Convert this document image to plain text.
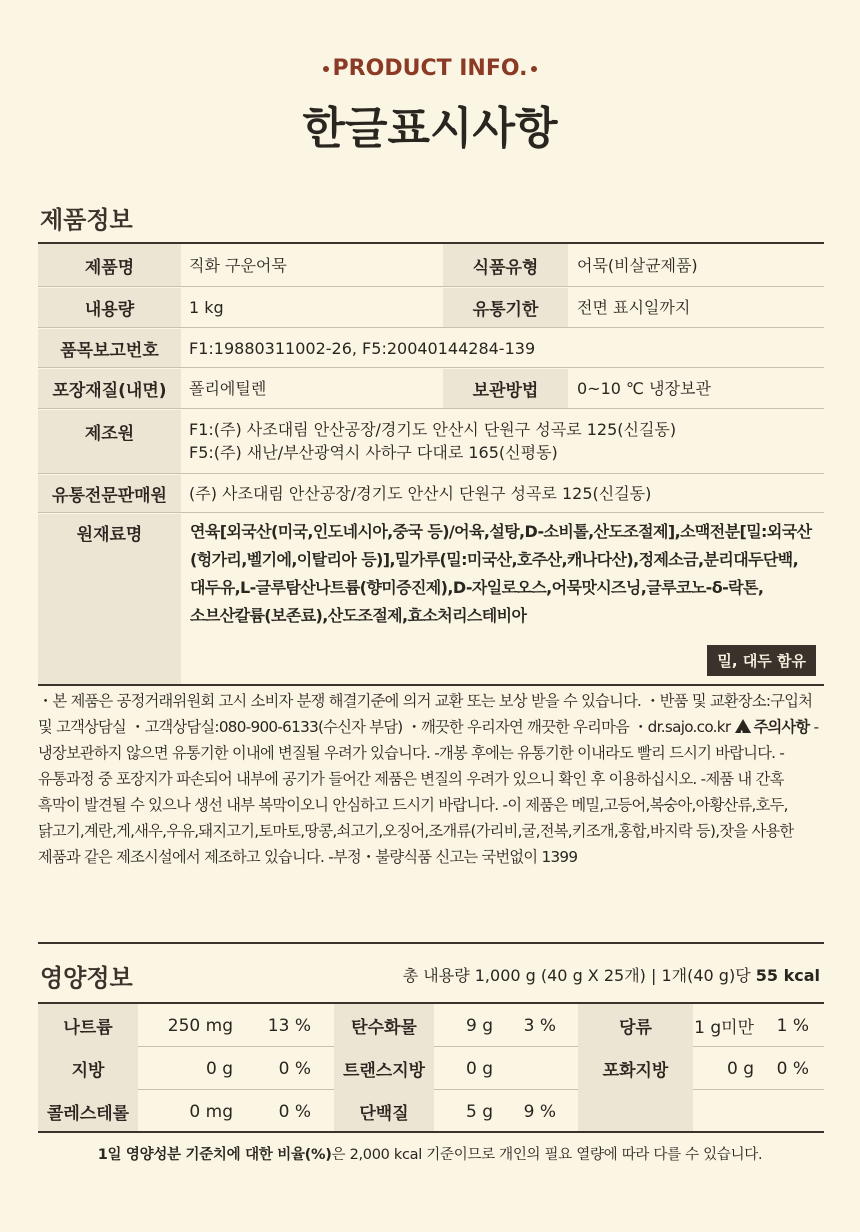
PRODUCT INFO.
한글표시사항
제품정보
제품명	직화 구운어묵	식품유형	어묵(비살균제품)
내용량	1 kg	유통기한	전면 표시일까지
품목보고번호	F1:19880311002-26, F5:20040144284-139
포장재질(내면)	폴리에틸렌	보관방법	0~10 ℃ 냉장보관
제조원	F1:(주) 사조대림 안산공장/경기도 안산시 단원구 성곡로 125(신길동)
F5:(주) 새난/부산광역시 사하구 다대로 165(신평동)
유통전문판매원	(주) 사조대림 안산공장/경기도 안산시 단원구 성곡로 125(신길동)
원재료명	연육[외국산(미국,인도네시아,중국 등)/어육,설탕,D-소비톨,산도조절제],소맥전분[밀:외국산(헝가리,벨기에,이탈리아 등)],밀가루(밀:미국산,호주산,캐나다산),정제소금,분리대두단백,대두유,L-글루탐산나트륨(향미증진제),D-자일로오스,어묵맛시즈닝,글루코노-δ-락톤,소브산칼륨(보존료),산도조절제,효소처리스테비아
밀, 대두 함유
・본 제품은 공정거래위원회 고시 소비자 분쟁 해결기준에 의거 교환 또는 보상 받을 수 있습니다. ・반품 및 교환장소:구입처 및 고객상담실 ・고객상담실:080-900-6133(수신자 부담) ・깨끗한 우리자연 깨끗한 우리마음 ・dr.sajo.co.kr ! 주의사항 -냉장보관하지 않으면 유통기한 이내에 변질될 우려가 있습니다. -개봉 후에는 유통기한 이내라도 빨리 드시기 바랍니다. -유통과정 중 포장지가 파손되어 내부에 공기가 들어간 제품은 변질의 우려가 있으니 확인 후 이용하십시오. -제품 내 간혹 흑막이 발견될 수 있으나 생선 내부 복막이오니 안심하고 드시기 바랍니다. -이 제품은 메밀,고등어,복숭아,아황산류,호두,닭고기,계란,게,새우,우유,돼지고기,토마토,땅콩,쇠고기,오징어,조개류(가리비,굴,전복,키조개,홍합,바지락 등),잣을 사용한 제품과 같은 제조시설에서 제조하고 있습니다. -부정・불량식품 신고는 국번없이 1399
영양정보	총 내용량 1,000 g (40 g X 25개) | 1개(40 g)당 55 kcal
나트륨	250 mg	13 %	탄수화물	9 g	3 %	당류	1 g미만	1 %
지방	0 g	0 %	트랜스지방	0 g	포화지방	0 g	0 %
콜레스테롤	0 mg	0 %	단백질	5 g	9 %
1일 영양성분 기준치에 대한 비율(%)은 2,000 kcal 기준이므로 개인의 필요 열량에 따라 다를 수 있습니다.
